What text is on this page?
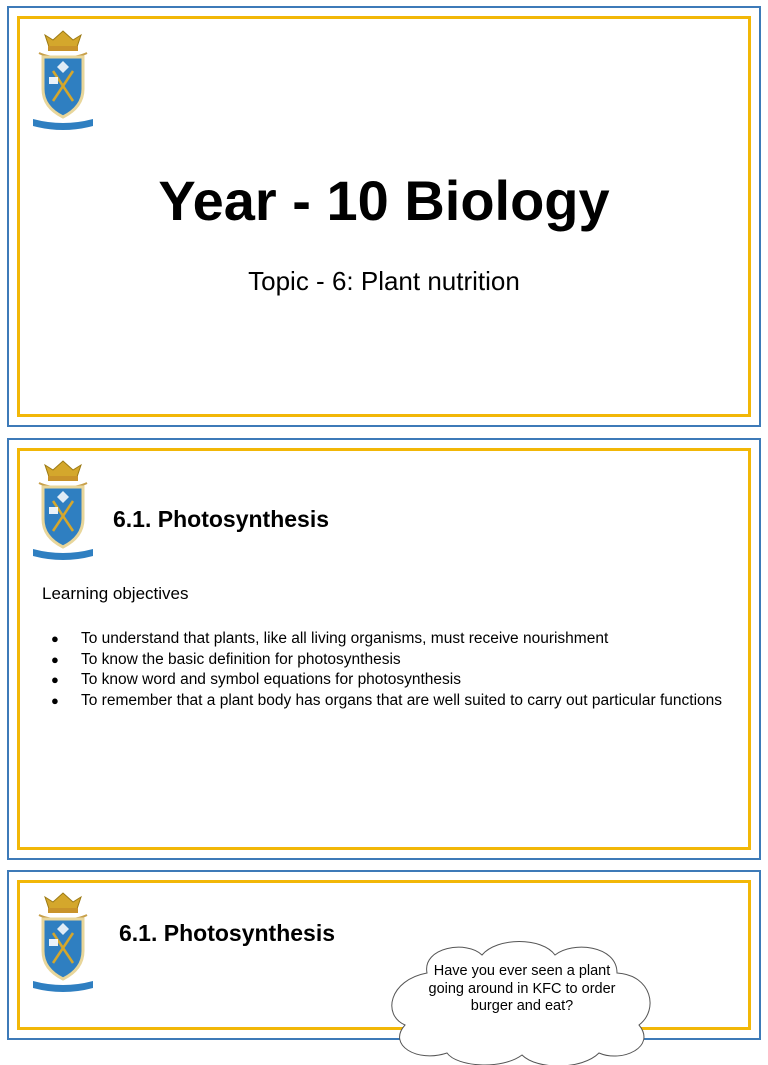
Year - 10 Biology

Topic - 6: Plant nutrition

6.1. Photosynthesis
Learning objectives
● To understand that plants, like all living organisms, must receive nourishment
● To know the basic definition for photosynthesis
● To know word and symbol equations for photosynthesis
● To remember that a plant body has organs that are well suited to carry out particular functions
6.1. Photosynthesis

Have you ever seen a plant going around in KFC to order burger and eat?
